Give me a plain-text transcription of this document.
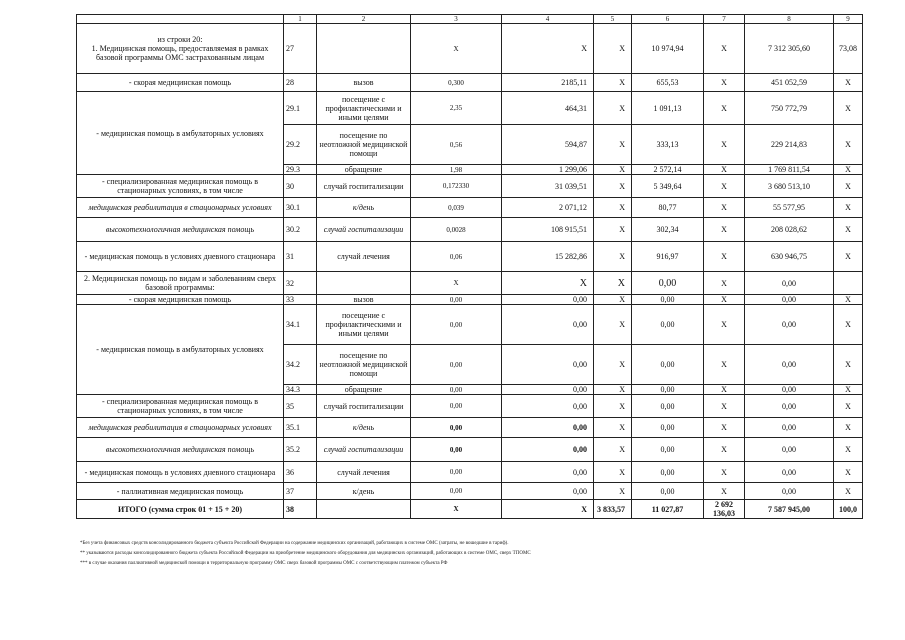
	1	2	3	4	5	6	7	8	9
из строки 20:
1. Медицинская помощь, предоставляемая в рамках базовой программы ОМС застрахованным лицам	27		X	X	X	10 974,94	X	7 312 305,60	73,08
- скорая медицинская помощь	28	вызов	0,300	2185,11	X	655,53	X	451 052,59	X
- медицинская помощь в амбулаторных условиях	29.1	посещение с профилактическими и иными целями	2,35	464,31	X	1 091,13	X	750 772,79	X
	29.2	посещение по неотложной медицинской помощи	0,56	594,87	X	333,13	X	229 214,83	X
	29.3	обращение	1,98	1 299,06	X	2 572,14	X	1 769 811,54	X
- специализированная медицинская помощь в стационарных условиях, в том числе	30	случай госпитализации	0,172330	31 039,51	X	5 349,64	X	3 680 513,10	X
медицинская реабилитация в стационарных условиях	30.1	к/день	0,039	2 071,12	X	80,77	X	55 577,95	X
высокотехнологичная медицинская помощь	30.2	случай госпитализации	0,0028	108 915,51	X	302,34	X	208 028,62	X
- медицинская помощь в условиях дневного стационара	31	случай лечения	0,06	15 282,86	X	916,97	X	630 946,75	X
2. Медицинская помощь по видам и заболеваниям сверх базовой программы:	32		X	X	X	0,00	X	0,00	
- скорая медицинская помощь	33	вызов	0,00	0,00	X	0,00	X	0,00	X
- медицинская помощь в амбулаторных условиях	34.1	посещение с профилактическими и иными целями	0,00	0,00	X	0,00	X	0,00	X
	34.2	посещение по неотложной медицинской помощи	0,00	0,00	X	0,00	X	0,00	X
	34.3	обращение	0,00	0,00	X	0,00	X	0,00	X
- специализированная медицинская помощь в стационарных условиях, в том числе	35	случай госпитализации	0,00	0,00	X	0,00	X	0,00	X
медицинская реабилитация в стационарных условиях	35.1	к/день	0,00	0,00	X	0,00	X	0,00	X
высокотехнологичная медицинская помощь	35.2	случай госпитализации	0,00	0,00	X	0,00	X	0,00	X
- медицинская помощь в условиях дневного стационара	36	случай лечения	0,00	0,00	X	0,00	X	0,00	X
- паллиативная медицинская помощь	37	к/день	0,00	0,00	X	0,00	X	0,00	X
ИТОГО (сумма строк 01 + 15 + 20)	38		X	X	3 833,57	11 027,87	2 692 136,03	7 587 945,00	100,0
*Без учета финансовых средств консолидированного бюджета субъекта Российской Федерации на содержание медицинских организаций, работающих в системе ОМС (затраты, не вошедшие в тариф).
** указываются расходы консолидированного бюджета субъекта Российской Федерации на приобретение медицинского оборудования для медицинских организаций, работающих в системе ОМС, сверх ТПОМС
*** в случае оказания паллиативной медицинской помощи в территориальную программу ОМС сверх базовой программы ОМС с соответствующим платежом субъекта РФ
